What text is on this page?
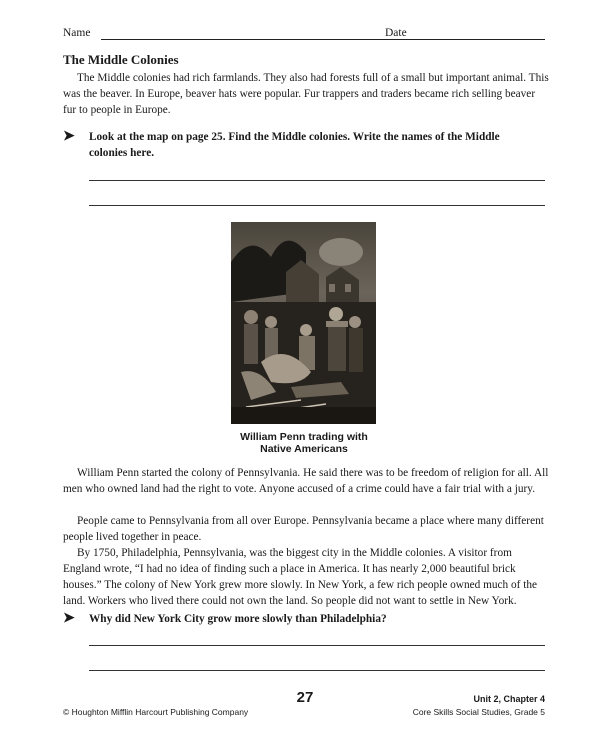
Name	Date
The Middle Colonies

The Middle colonies had rich farmlands. They also had forests full of a small but important animal. This was the beaver. In Europe, beaver hats were popular. Fur trappers and traders became rich selling beaver fur to people in Europe.

➤ Look at the map on page 25. Find the Middle colonies. Write the names of the Middle
colonies here.
William Penn trading with
Native Americans

William Penn started the colony of Pennsylvania. He said there was to be freedom of religion for all. All men who owned land had the right to vote. Anyone accused of a crime could have a fair trial with a jury.

People came to Pennsylvania from all over Europe. Pennsylvania became a place where many different people lived together in peace.

By 1750, Philadelphia, Pennsylvania, was the biggest city in the Middle colonies. A visitor from England wrote, “I had no idea of finding such a place in America. It has nearly 2,000 beautiful brick houses.” The colony of New York grew more slowly. In New York, a few rich people owned much of the land. Workers who lived there could not own the land. So people did not want to settle in New York.

➤ Why did New York City grow more slowly than Philadelphia?
27
© Houghton Mifflin Harcourt Publishing Company
Unit 2, Chapter 4
Core Skills Social Studies, Grade 5
